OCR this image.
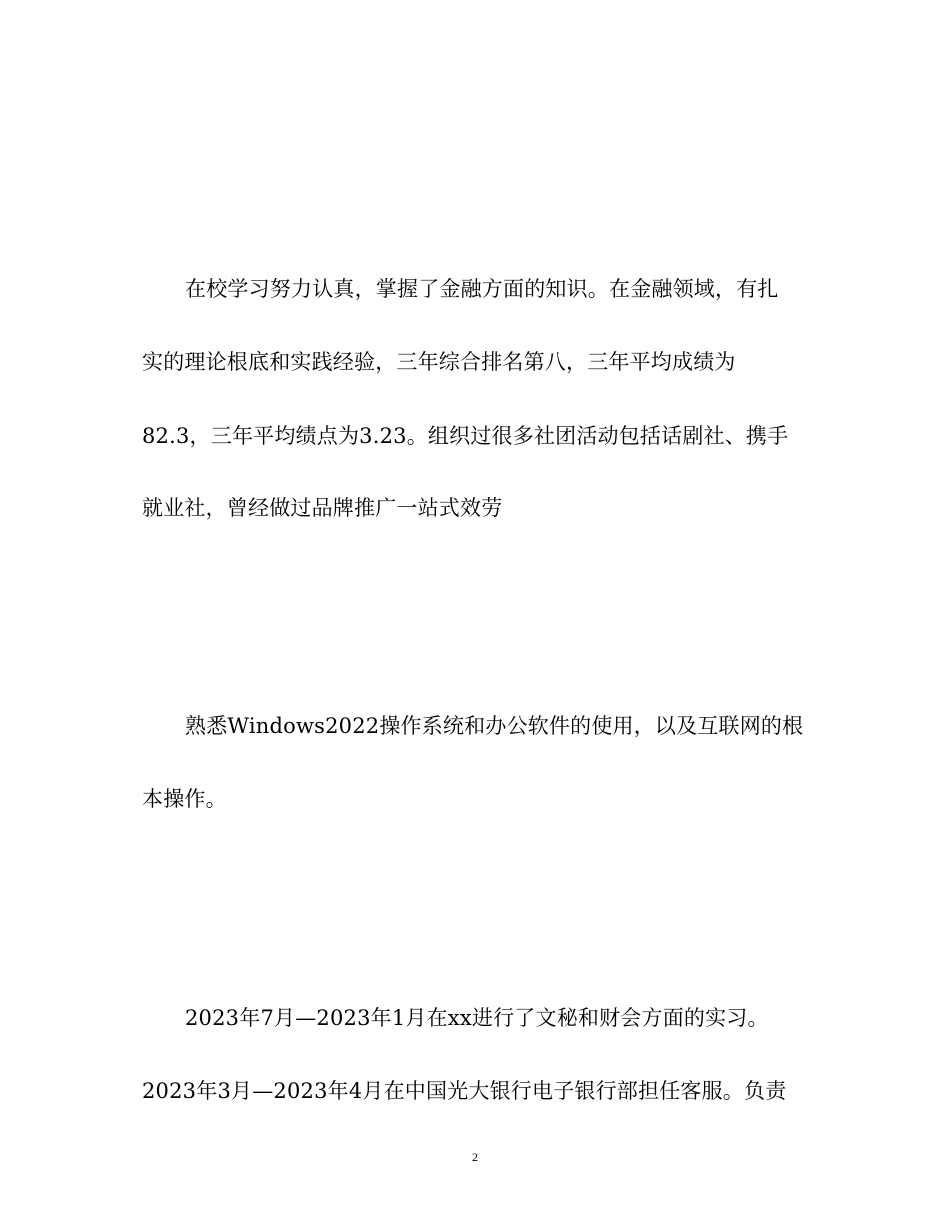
在校学习努力认真，掌握了金融方面的知识。在金融领域，有扎
实的理论根底和实践经验，三年综合排名第八，三年平均成绩为
82.3，三年平均绩点为3.23。组织过很多社团活动包括话剧社、携手
就业社，曾经做过品牌推广一站式效劳
熟悉Windows2022操作系统和办公软件的使用，以及互联网的根
本操作。
2023年7月—2023年1月在xx进行了文秘和财会方面的实习。
2023年3月—2023年4月在中国光大银行电子银行部担任客服。负责
2
